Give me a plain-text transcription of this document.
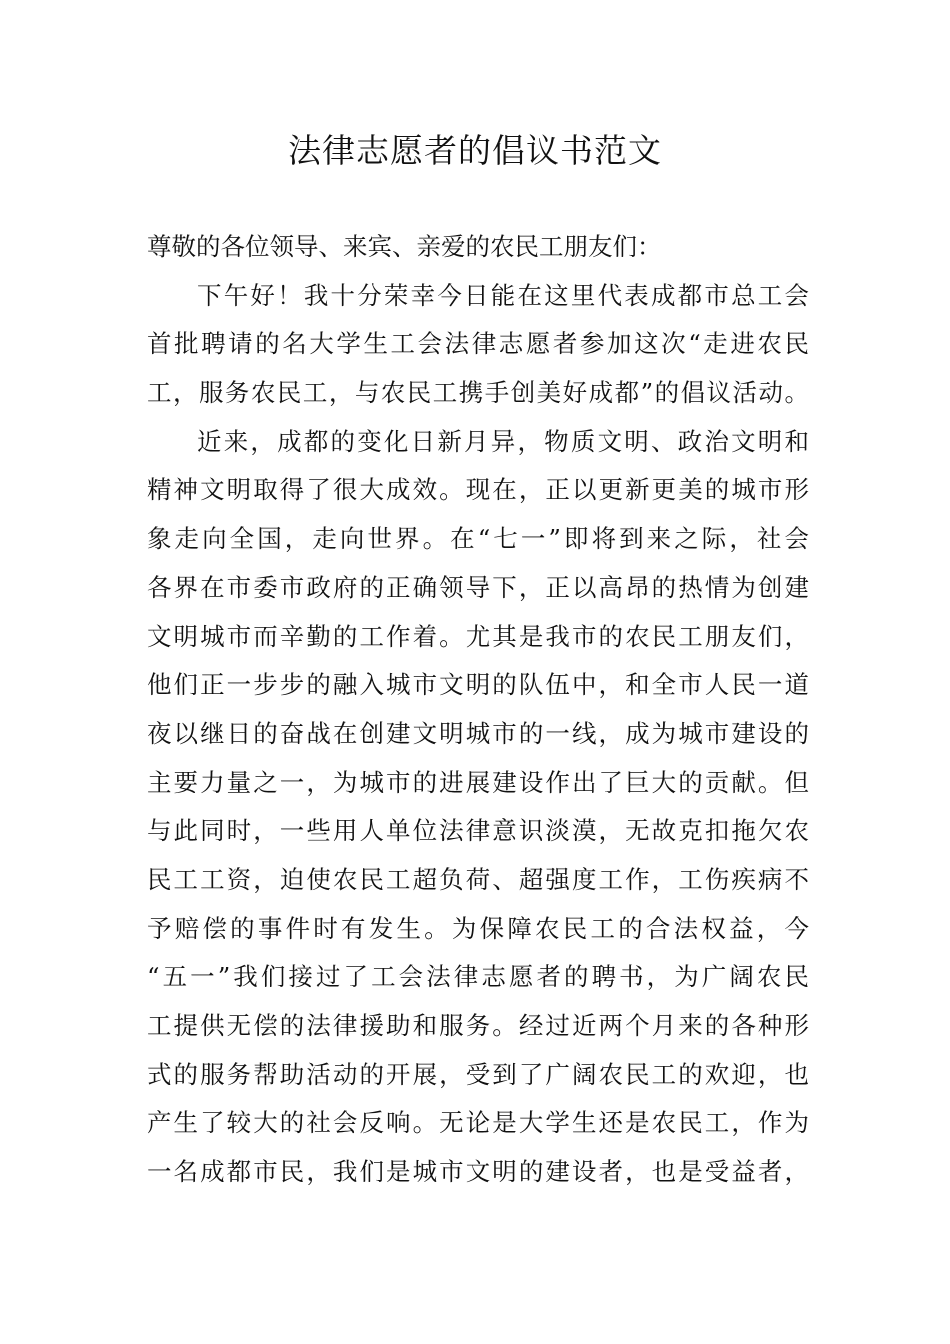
法律志愿者的倡议书范文
尊敬的各位领导、来宾、亲爱的农民工朋友们：
下午好！我十分荣幸今日能在这里代表成都市总工会
首批聘请的名大学生工会法律志愿者参加这次“走进农民
工，服务农民工，与农民工携手创美好成都”的倡议活动。
近来，成都的变化日新月异，物质文明、政治文明和
精神文明取得了很大成效。现在，正以更新更美的城市形
象走向全国，走向世界。在“七一”即将到来之际，社会
各界在市委市政府的正确领导下，正以高昂的热情为创建
文明城市而辛勤的工作着。尤其是我市的农民工朋友们，
他们正一步步的融入城市文明的队伍中，和全市人民一道
夜以继日的奋战在创建文明城市的一线，成为城市建设的
主要力量之一，为城市的进展建设作出了巨大的贡献。但
与此同时，一些用人单位法律意识淡漠，无故克扣拖欠农
民工工资，迫使农民工超负荷、超强度工作，工伤疾病不
予赔偿的事件时有发生。为保障农民工的合法权益，今
“五一”我们接过了工会法律志愿者的聘书，为广阔农民
工提供无偿的法律援助和服务。经过近两个月来的各种形
式的服务帮助活动的开展，受到了广阔农民工的欢迎，也
产生了较大的社会反响。无论是大学生还是农民工，作为
一名成都市民，我们是城市文明的建设者，也是受益者，
